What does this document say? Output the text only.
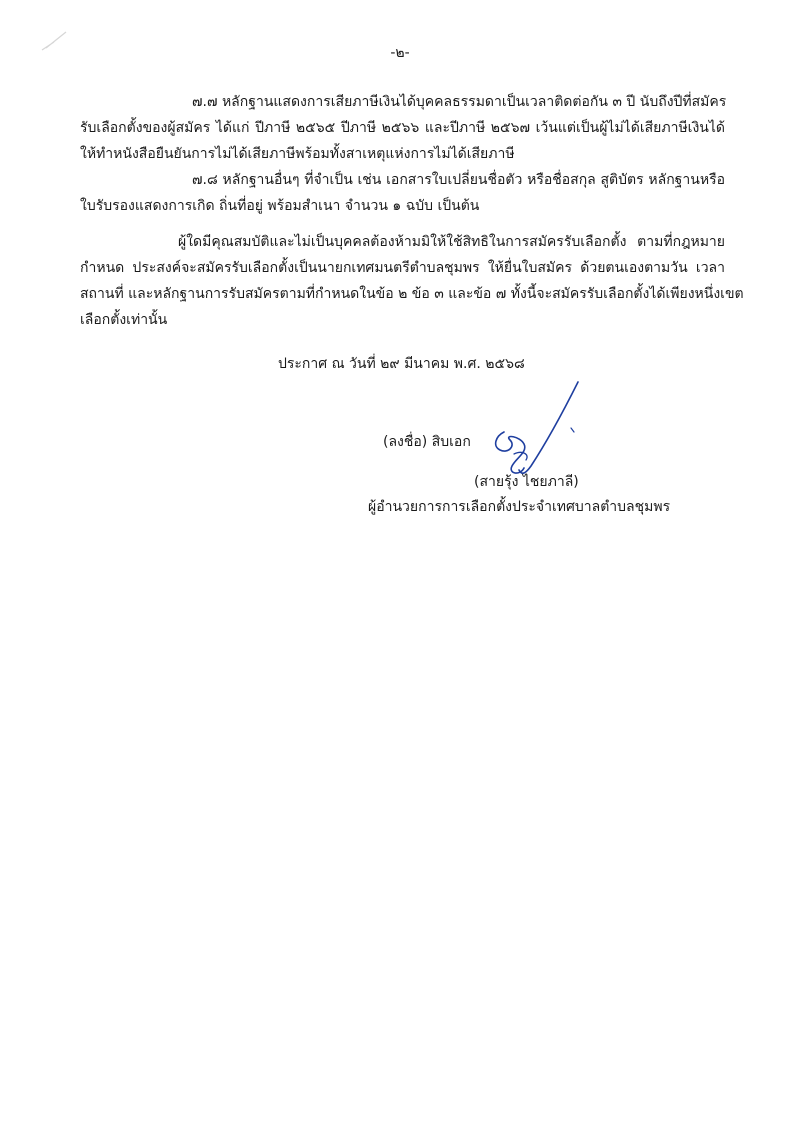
-๒-
๗.๗ หลักฐานแสดงการเสียภาษีเงินได้บุคคลธรรมดาเป็นเวลาติดต่อกัน ๓ ปี นับถึงปีที่สมัคร
รับเลือกตั้งของผู้สมัคร ได้แก่ ปีภาษี ๒๕๖๕ ปีภาษี ๒๕๖๖ และปีภาษี ๒๕๖๗ เว้นแต่เป็นผู้ไม่ได้เสียภาษีเงินได้
ให้ทำหนังสือยืนยันการไม่ได้เสียภาษีพร้อมทั้งสาเหตุแห่งการไม่ได้เสียภาษี
๗.๘ หลักฐานอื่นๆ ที่จำเป็น เช่น เอกสารใบเปลี่ยนชื่อตัว หรือชื่อสกุล สูติบัตร หลักฐานหรือ
ใบรับรองแสดงการเกิด ถิ่นที่อยู่ พร้อมสำเนา จำนวน ๑ ฉบับ เป็นต้น
ผู้ใดมีคุณสมบัติและไม่เป็นบุคคลต้องห้ามมิให้ใช้สิทธิในการสมัครรับเลือกตั้ง ตามที่กฎหมาย
กำหนด ประสงค์จะสมัครรับเลือกตั้งเป็นนายกเทศมนตรีตำบลชุมพร ให้ยื่นใบสมัคร ด้วยตนเองตามวัน เวลา
สถานที่ และหลักฐานการรับสมัครตามที่กำหนดในข้อ ๒ ข้อ ๓ และข้อ ๗ ทั้งนี้จะสมัครรับเลือกตั้งได้เพียงหนึ่งเขต
เลือกตั้งเท่านั้น
ประกาศ ณ วันที่ ๒๙ มีนาคม พ.ศ. ๒๕๖๘
(ลงชื่อ) สิบเอก
(สายรุ้ง ไชยภาลี)
ผู้อำนวยการการเลือกตั้งประจำเทศบาลตำบลชุมพร
